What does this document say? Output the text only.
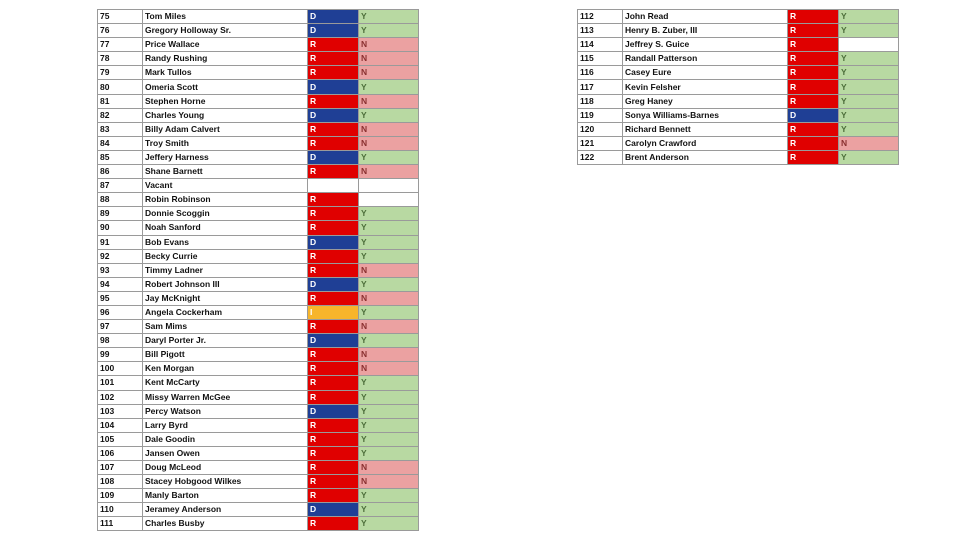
75	Tom Miles	D	Y
76	Gregory Holloway Sr.	D	Y
77	Price Wallace	R	N
78	Randy Rushing	R	N
79	Mark Tullos	R	N
80	Omeria Scott	D	Y
81	Stephen Horne	R	N
82	Charles Young	D	Y
83	Billy Adam Calvert	R	N
84	Troy Smith	R	N
85	Jeffery Harness	D	Y
86	Shane Barnett	R	N
87	Vacant		
88	Robin Robinson	R	
89	Donnie Scoggin	R	Y
90	Noah Sanford	R	Y
91	Bob Evans	D	Y
92	Becky Currie	R	Y
93	Timmy Ladner	R	N
94	Robert Johnson III	D	Y
95	Jay McKnight	R	N
96	Angela Cockerham	I	Y
97	Sam Mims	R	N
98	Daryl Porter Jr.	D	Y
99	Bill Pigott	R	N
100	Ken Morgan	R	N
101	Kent McCarty	R	Y
102	Missy Warren McGee	R	Y
103	Percy Watson	D	Y
104	Larry Byrd	R	Y
105	Dale Goodin	R	Y
106	Jansen Owen	R	Y
107	Doug McLeod	R	N
108	Stacey Hobgood Wilkes	R	N
109	Manly Barton	R	Y
110	Jeramey Anderson	D	Y
111	Charles Busby	R	Y
112	John Read	R	Y
113	Henry B. Zuber, III	R	Y
114	Jeffrey S. Guice	R	
115	Randall Patterson	R	Y
116	Casey Eure	R	Y
117	Kevin Felsher	R	Y
118	Greg Haney	R	Y
119	Sonya Williams-Barnes	D	Y
120	Richard Bennett	R	Y
121	Carolyn Crawford	R	N
122	Brent Anderson	R	Y
